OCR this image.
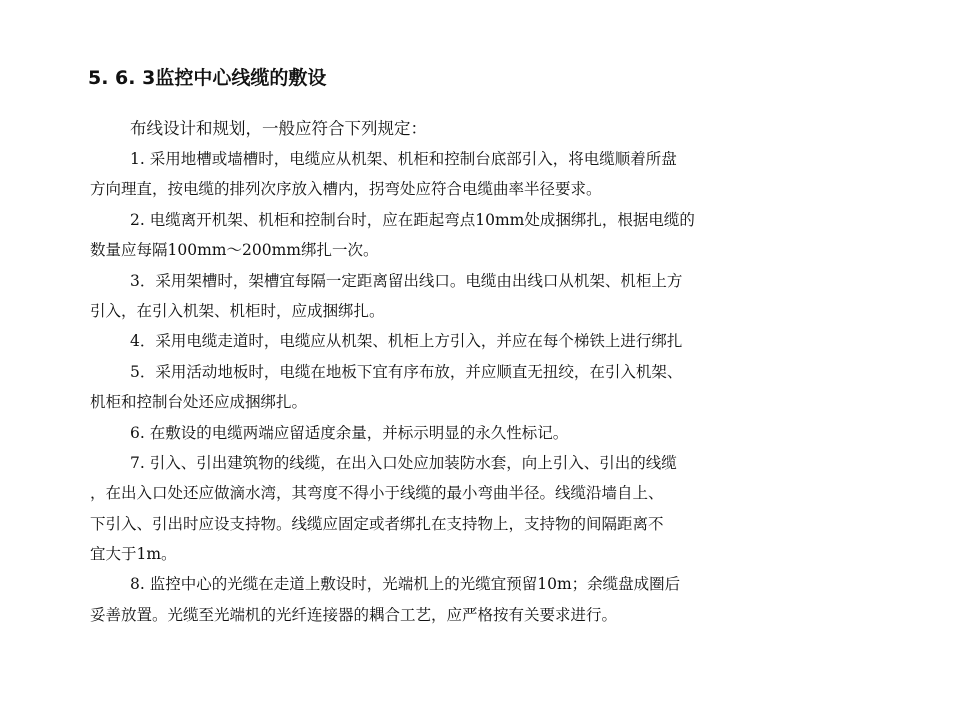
5. 6. 3监控中心线缆的敷设
布线设计和规划，一般应符合下列规定：
1. 采用地槽或墙槽时，电缆应从机架、机柜和控制台底部引入，将电缆顺着所盘
方向理直，按电缆的排列次序放入槽内，拐弯处应符合电缆曲率半径要求。
2. 电缆离开机架、机柜和控制台时，应在距起弯点10mm处成捆绑扎，根据电缆的
数量应每隔100mm～200mm绑扎一次。
3．采用架槽时，架槽宜每隔一定距离留出线口。电缆由出线口从机架、机柜上方
引入，在引入机架、机柜时，应成捆绑扎。
4．采用电缆走道时，电缆应从机架、机柜上方引入，并应在每个梯铁上进行绑扎
5．采用活动地板时，电缆在地板下宜有序布放，并应顺直无扭绞，在引入机架、
机柜和控制台处还应成捆绑扎。
6. 在敷设的电缆两端应留适度余量，并标示明显的永久性标记。
7. 引入、引出建筑物的线缆，在出入口处应加装防水套，向上引入、引出的线缆
，在出入口处还应做滴水湾，其弯度不得小于线缆的最小弯曲半径。线缆沿墙自上、
下引入、引出时应设支持物。线缆应固定或者绑扎在支持物上，支持物的间隔距离不
宜大于1m。
8. 监控中心的光缆在走道上敷设时，光端机上的光缆宜预留10m；余缆盘成圈后
妥善放置。光缆至光端机的光纤连接器的耦合工艺，应严格按有关要求进行。
